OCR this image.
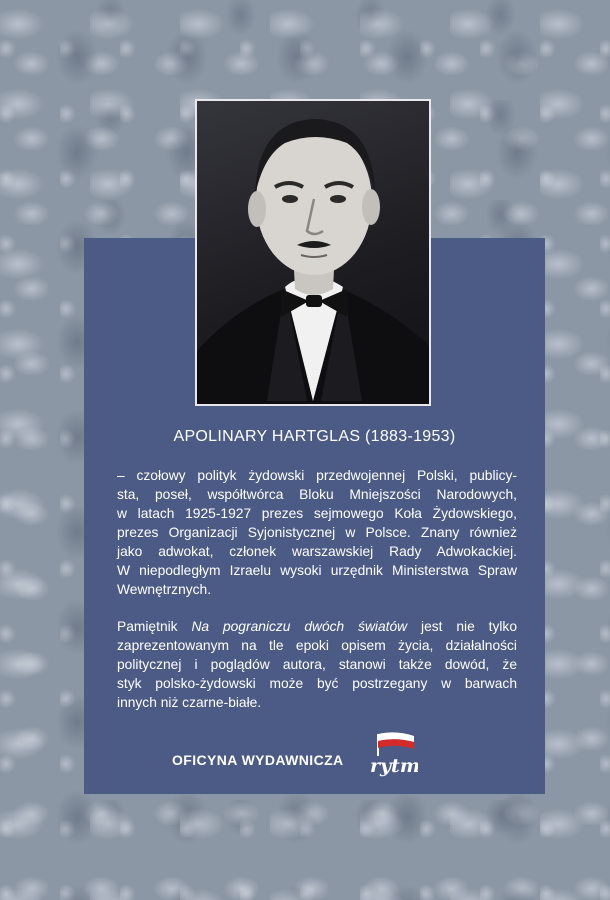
APOLINARY HARTGLAS (1883-1953)
– czołowy polityk żydowski przedwojennej Polski, publicy-
sta, poseł, współtwórca Bloku Mniejszości Narodowych,
w latach 1925-1927 prezes sejmowego Koła Żydowskiego,
prezes Organizacji Syjonistycznej w Polsce. Znany również
jako adwokat, członek warszawskiej Rady Adwokackiej.
W niepodległym Izraelu wysoki urzędnik Ministerstwa Spraw
Wewnętrznych.
Pamiętnik Na pograniczu dwóch światów jest nie tylko
zaprezentowanym na tle epoki opisem życia, działalności
politycznej i poglądów autora, stanowi także dowód, że
styk polsko-żydowski może być postrzegany w barwach
innych niż czarne-białe.
OFICYNA WYDAWNICZA rytm
